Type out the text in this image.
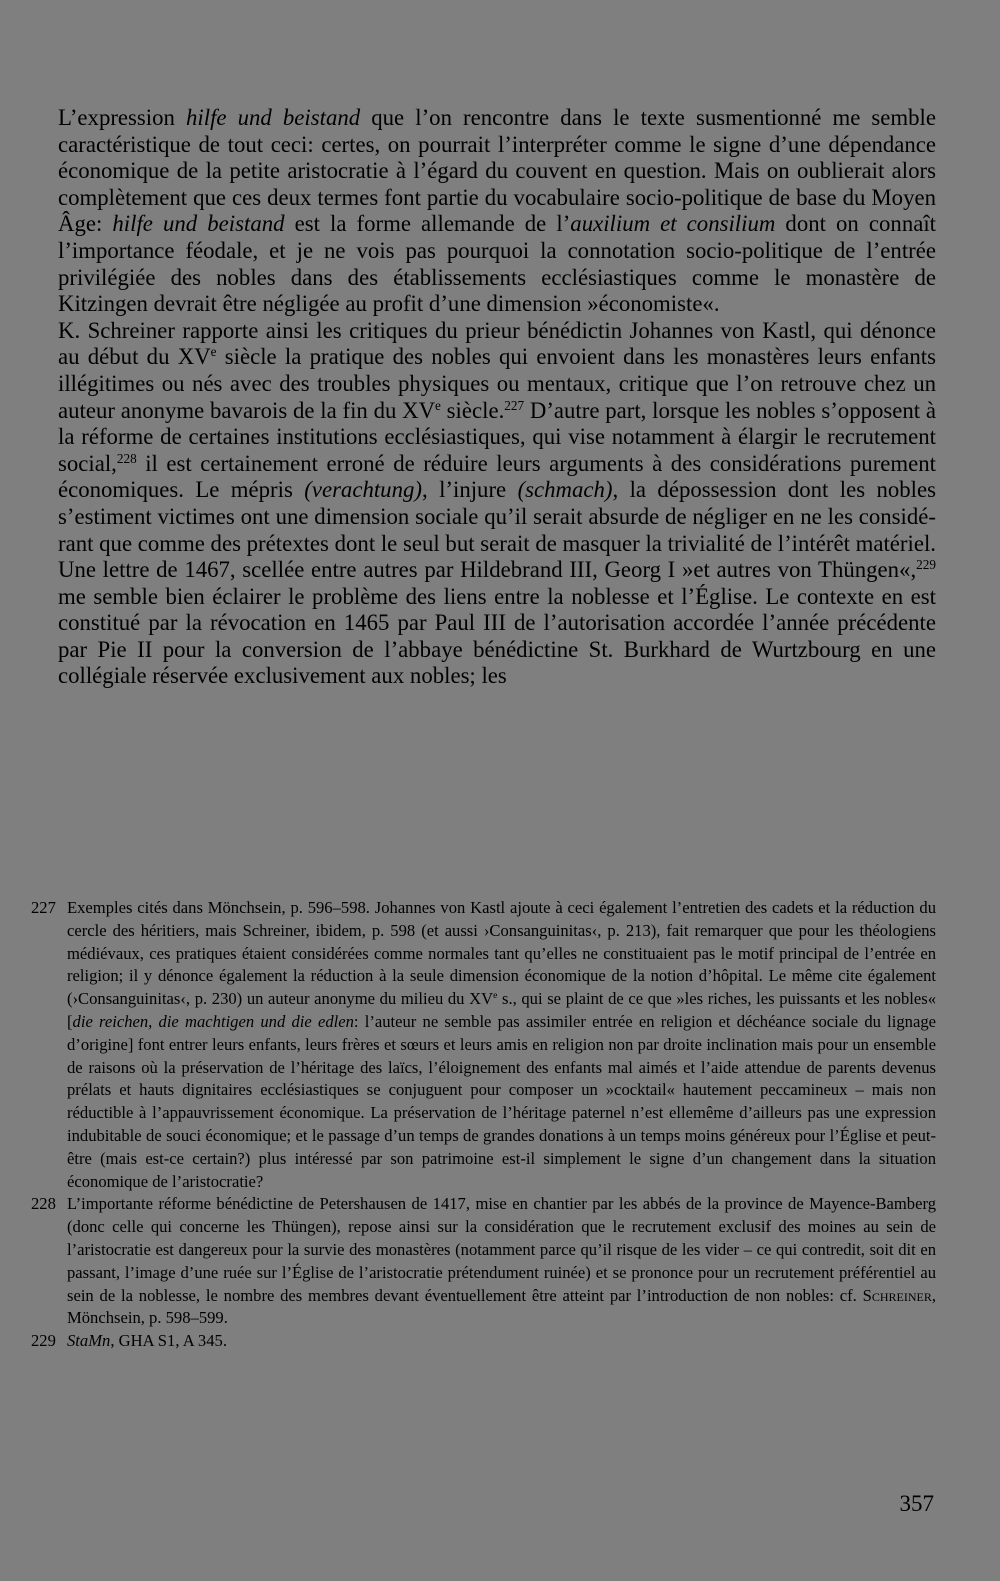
L’expression hilfe und beistand que l’on rencontre dans le texte susmentionné me semble caractéristique de tout ceci: certes, on pourrait l’interpréter comme le signe d’une dépendance économique de la petite aristocratie à l’égard du couvent en question. Mais on oublierait alors complètement que ces deux termes font partie du vocabulaire socio-politique de base du Moyen Âge: hilfe und beistand est la forme allemande de l’auxilium et consilium dont on connaît l’importance féodale, et je ne vois pas pourquoi la connotation socio-politique de l’entrée privilégiée des nobles dans des établissements ecclésiastiques comme le monastère de Kitzingen devrait être négligée au profit d’une dimension »économiste«.

K. Schreiner rapporte ainsi les critiques du prieur bénédictin Johannes von Kastl, qui dénonce au début du XVe siècle la pratique des nobles qui envoient dans les monastères leurs enfants illégitimes ou nés avec des troubles physiques ou mentaux, critique que l’on retrouve chez un auteur anonyme bavarois de la fin du XVe siècle.$^{227}$ D’autre part, lorsque les nobles s’opposent à la réforme de certaines institutions ecclésiastiques, qui vise notamment à élargir le recrutement social,$^{228}$ il est certainement erroné de réduire leurs arguments à des considérations purement économiques. Le mépris (verachtung), l’injure (schmach), la dépossession dont les nobles s’estiment victimes ont une dimension sociale qu’il serait absurde de négliger en ne les considérant que comme des prétextes dont le seul but serait de masquer la trivialité de l’intérêt matériel.

Une lettre de 1467, scellée entre autres par Hildebrand III, Georg I »et autres von Thüngen«,$^{229}$ me semble bien éclairer le problème des liens entre la noblesse et l’Église. Le contexte en est constitué par la révocation en 1465 par Paul III de l’autorisation accordée l’année précédente par Pie II pour la conversion de l’abbaye bénédictine St. Burkhard de Wurtzbourg en une collégiale réservée exclusivement aux nobles; les

227 Exemples cités dans Mönchsein, p. 596–598. Johannes von Kastl ajoute à ceci également l’entretien des cadets et la réduction du cercle des héritiers, mais Schreiner, ibidem, p. 598 (et aussi ›Consanguinitas‹, p. 213), fait remarquer que pour les théologiens médiévaux, ces pratiques étaient considérées comme normales tant qu’elles ne constituaient pas le motif principal de l’entrée en religion; il y dénonce également la réduction à la seule dimension économique de la notion d’hôpital. Le même cite également (›Consanguinitas‹, p. 230) un auteur anonyme du milieu du XVe s., qui se plaint de ce que »les riches, les puissants et les nobles« [die reichen, die machtigen und die edlen: l’auteur ne semble pas assimiler entrée en religion et déchéance sociale du lignage d’origine] font entrer leurs enfants, leurs frères et sœurs et leurs amis en religion non par droite inclination mais pour un ensemble de raisons où la préservation de l’héritage des laïcs, l’éloignement des enfants mal aimés et l’aide attendue de parents devenus prélats et hauts dignitaires ecclésiastiques se conjuguent pour composer un »cocktail« hautement peccamineux – mais non réductible à l’appauvrissement économique. La préservation de l’héritage paternel n’est ellemême d’ailleurs pas une expression indubitable de souci économique; et le passage d’un temps de grandes donations à un temps moins généreux pour l’Église et peut-être (mais est-ce certain?) plus intéressé par son patrimoine est-il simplement le signe d’un changement dans la situation économique de l’aristocratie?
228 L’importante réforme bénédictine de Petershausen de 1417, mise en chantier par les abbés de la province de Mayence-Bamberg (donc celle qui concerne les Thüngen), repose ainsi sur la considération que le recrutement exclusif des moines au sein de l’aristocratie est dangereux pour la survie des monastères (notamment parce qu’il risque de les vider – ce qui contredit, soit dit en passant, l’image d’une ruée sur l’Église de l’aristocratie prétendument ruinée) et se prononce pour un recrutement préférentiel au sein de la noblesse, le nombre des membres devant éventuellement être atteint par l’introduction de non nobles: cf. Schreiner, Mönchsein, p. 598–599.
229 StaMn, GHA S1, A 345.
357
